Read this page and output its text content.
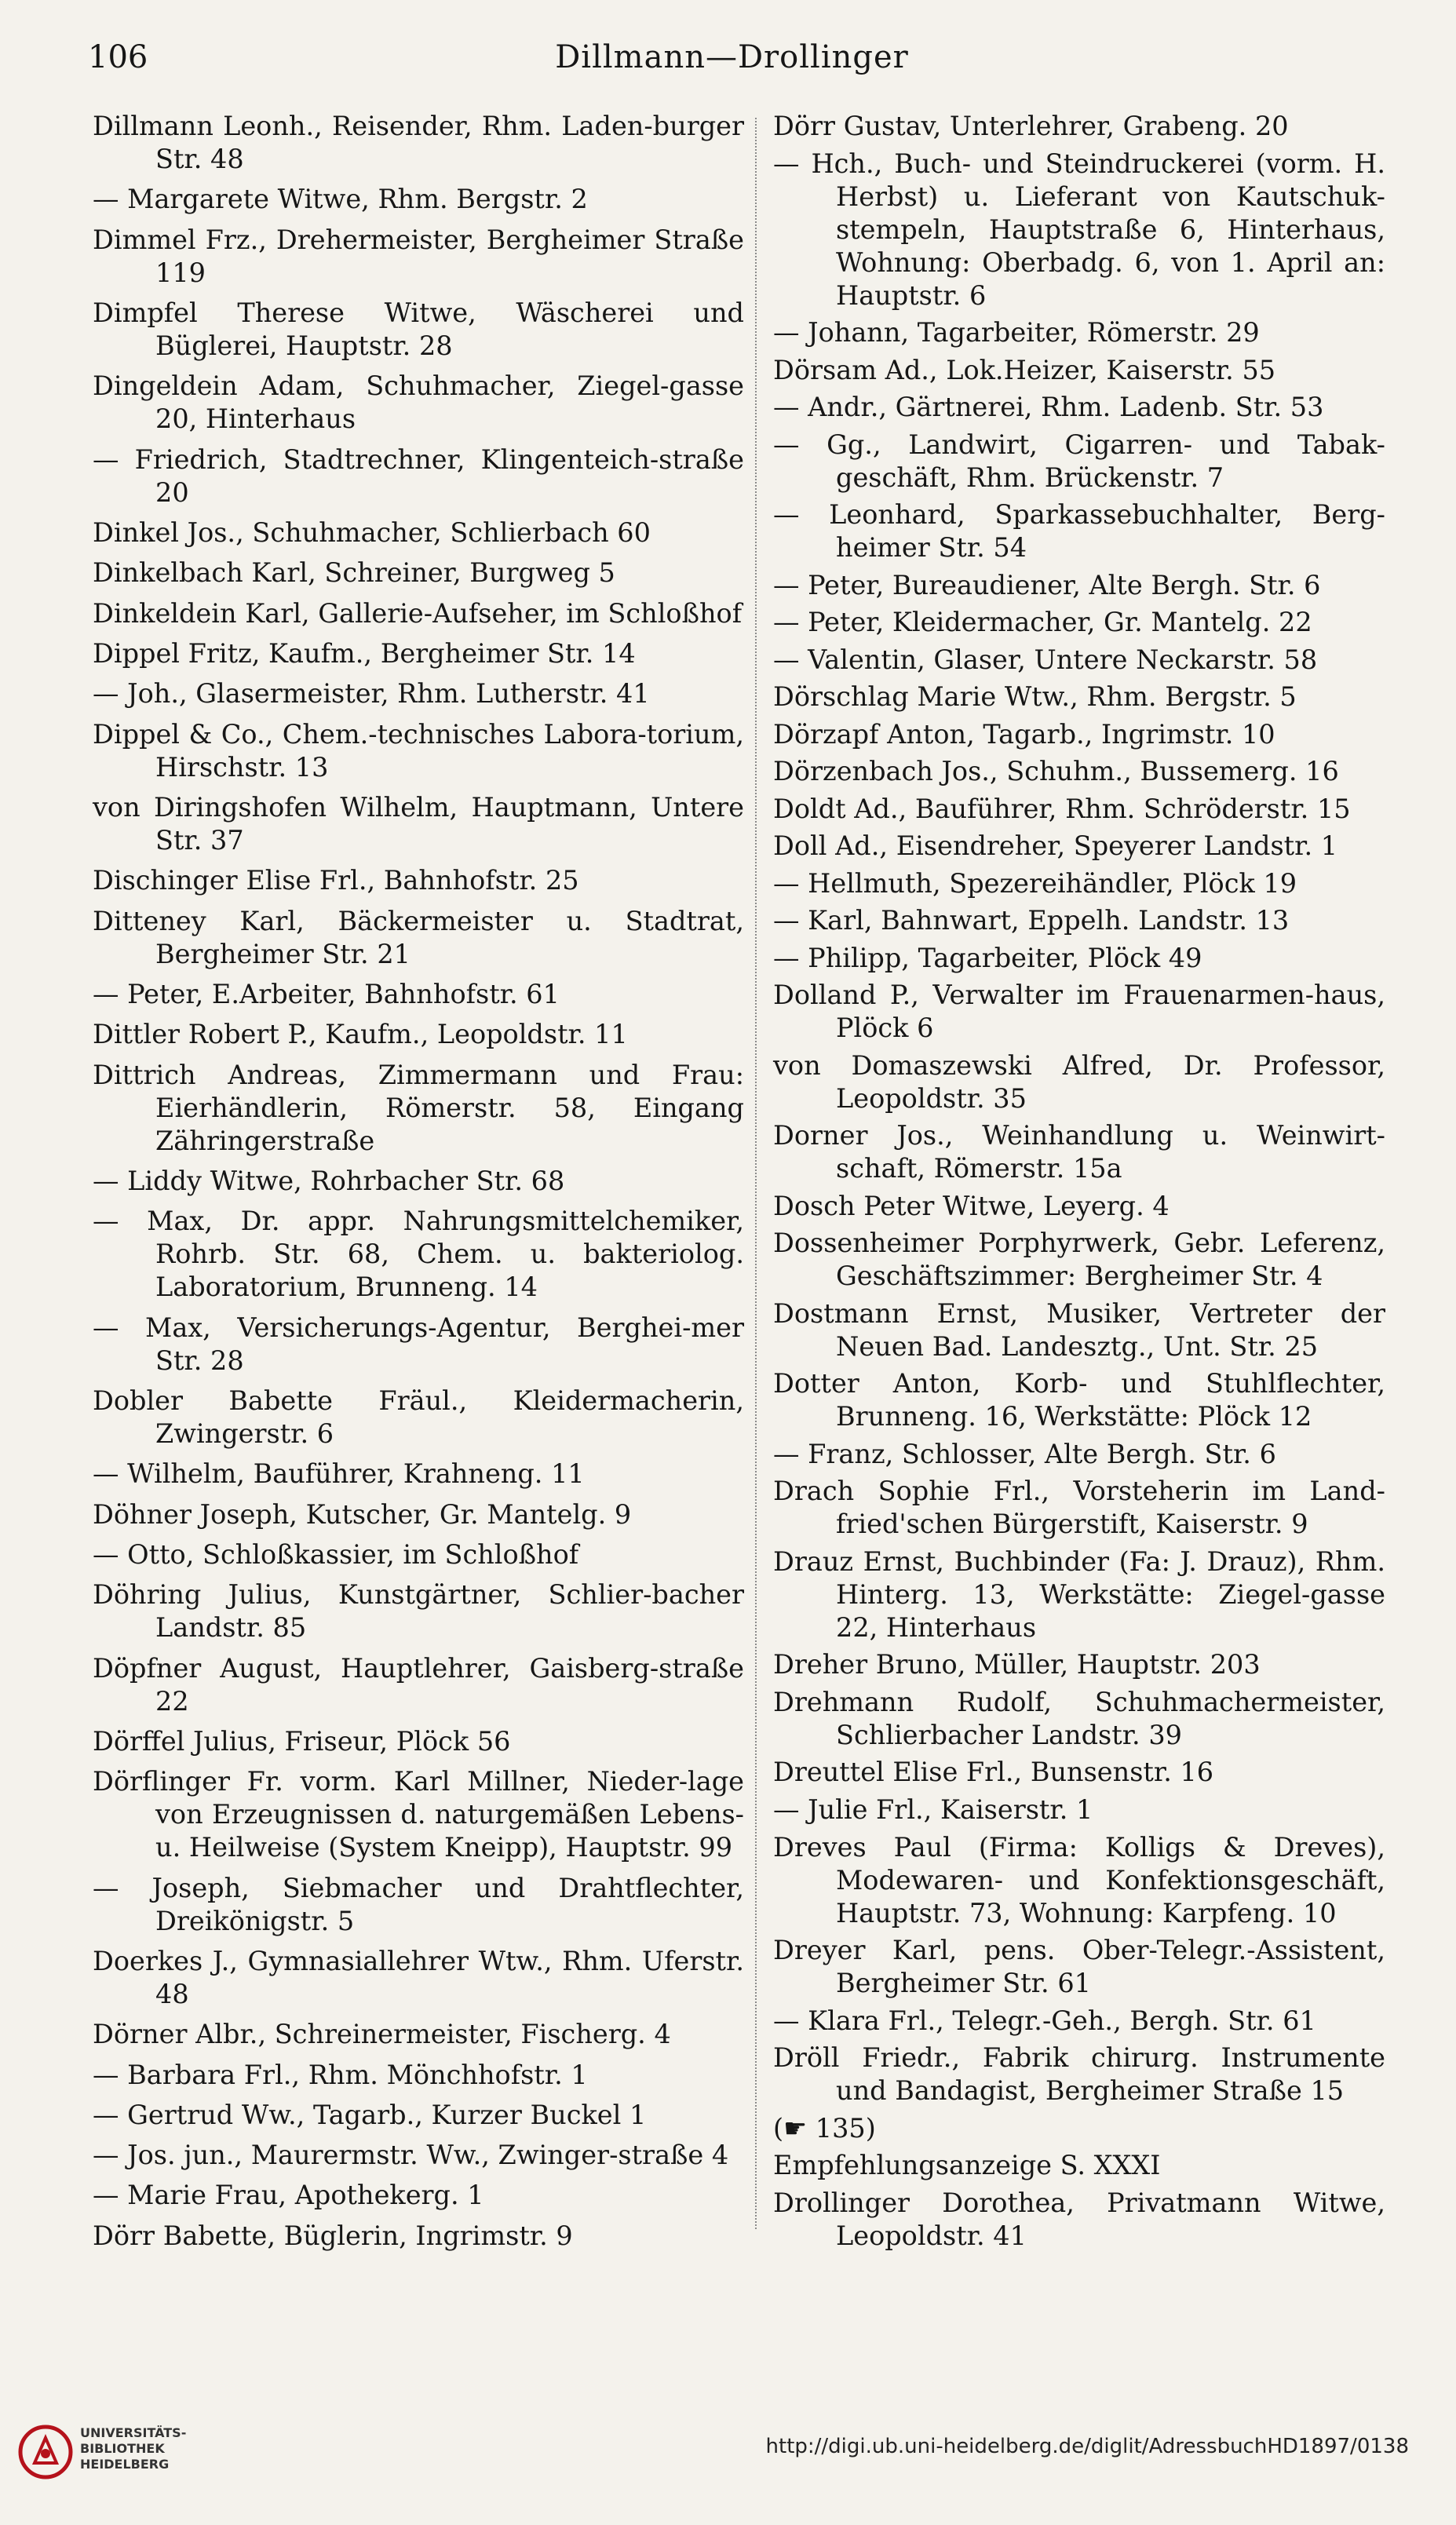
106	Dillmann—Drollinger
Dillmann Leonh., Reisender, Rhm. Laden-burger Str. 48
— Margarete Witwe, Rhm. Bergstr. 2
Dimmel Frz., Drehermeister, Bergheimer Straße 119
Dimpfel Therese Witwe, Wäscherei und Büglerei, Hauptstr. 28
Dingeldein Adam, Schuhmacher, Ziegel-gasse 20, Hinterhaus
— Friedrich, Stadtrechner, Klingenteich-straße 20
Dinkel Jos., Schuhmacher, Schlierbach 60
Dinkelbach Karl, Schreiner, Burgweg 5
Dinkeldein Karl, Gallerie-Aufseher, im Schloßhof
Dippel Fritz, Kaufm., Bergheimer Str. 14
— Joh., Glasermeister, Rhm. Lutherstr. 41
Dippel & Co., Chem.-technisches Labora-torium, Hirschstr. 13
von Diringshofen Wilhelm, Hauptmann, Untere Str. 37
Dischinger Elise Frl., Bahnhofstr. 25
Ditteney Karl, Bäckermeister u. Stadtrat, Bergheimer Str. 21
— Peter, E.Arbeiter, Bahnhofstr. 61
Dittler Robert P., Kaufm., Leopoldstr. 11
Dittrich Andreas, Zimmermann und Frau: Eierhändlerin, Römerstr. 58, Eingang Zähringerstraße
— Liddy Witwe, Rohrbacher Str. 68
— Max, Dr. appr. Nahrungsmittelchemiker, Rohrb. Str. 68, Chem. u. bakteriolog. Laboratorium, Brunneng. 14
— Max, Versicherungs-Agentur, Berghei-mer Str. 28
Dobler Babette Fräul., Kleidermacherin, Zwingerstr. 6
— Wilhelm, Bauführer, Krahneng. 11
Döhner Joseph, Kutscher, Gr. Mantelg. 9
— Otto, Schloßkassier, im Schloßhof
Döhring Julius, Kunstgärtner, Schlier-bacher Landstr. 85
Döpfner August, Hauptlehrer, Gaisberg-straße 22
Dörffel Julius, Friseur, Plöck 56
Dörflinger Fr. vorm. Karl Millner, Nieder-lage von Erzeugnissen d. naturgemäßen Lebens- u. Heilweise (System Kneipp), Hauptstr. 99
— Joseph, Siebmacher und Drahtflechter, Dreikönigstr. 5
Doerkes J., Gymnasiallehrer Wtw., Rhm. Uferstr. 48
Dörner Albr., Schreinermeister, Fischerg. 4
— Barbara Frl., Rhm. Mönchhofstr. 1
— Gertrud Ww., Tagarb., Kurzer Buckel 1
— Jos. jun., Maurermstr. Ww., Zwinger-straße 4
— Marie Frau, Apothekerg. 1
Dörr Babette, Büglerin, Ingrimstr. 9
Dörr Gustav, Unterlehrer, Grabeng. 20
— Hch., Buch- und Steindruckerei (vorm. H. Herbst) u. Lieferant von Kautschuk-stempeln, Hauptstraße 6, Hinterhaus, Wohnung: Oberbadg. 6, von 1. April an: Hauptstr. 6
— Johann, Tagarbeiter, Römerstr. 29
Dörsam Ad., Lok.Heizer, Kaiserstr. 55
— Andr., Gärtnerei, Rhm. Ladenb. Str. 53
— Gg., Landwirt, Cigarren- und Tabak-geschäft, Rhm. Brückenstr. 7
— Leonhard, Sparkassebuchhalter, Berg-heimer Str. 54
— Peter, Bureaudiener, Alte Bergh. Str. 6
— Peter, Kleidermacher, Gr. Mantelg. 22
— Valentin, Glaser, Untere Neckarstr. 58
Dörschlag Marie Wtw., Rhm. Bergstr. 5
Dörzapf Anton, Tagarb., Ingrimstr. 10
Dörzenbach Jos., Schuhm., Bussemerg. 16
Doldt Ad., Bauführer, Rhm. Schröderstr. 15
Doll Ad., Eisendreher, Speyerer Landstr. 1
— Hellmuth, Spezereihändler, Plöck 19
— Karl, Bahnwart, Eppelh. Landstr. 13
— Philipp, Tagarbeiter, Plöck 49
Dolland P., Verwalter im Frauenarmen-haus, Plöck 6
von Domaszewski Alfred, Dr. Professor, Leopoldstr. 35
Dorner Jos., Weinhandlung u. Weinwirt-schaft, Römerstr. 15a
Dosch Peter Witwe, Leyerg. 4
Dossenheimer Porphyrwerk, Gebr. Leferenz, Geschäftszimmer: Bergheimer Str. 4
Dostmann Ernst, Musiker, Vertreter der Neuen Bad. Landesztg., Unt. Str. 25
Dotter Anton, Korb- und Stuhlflechter, Brunneng. 16, Werkstätte: Plöck 12
— Franz, Schlosser, Alte Bergh. Str. 6
Drach Sophie Frl., Vorsteherin im Land-fried'schen Bürgerstift, Kaiserstr. 9
Drauz Ernst, Buchbinder (Fa: J. Drauz), Rhm. Hinterg. 13, Werkstätte: Ziegel-gasse 22, Hinterhaus
Dreher Bruno, Müller, Hauptstr. 203
Drehmann Rudolf, Schuhmachermeister, Schlierbacher Landstr. 39
Dreuttel Elise Frl., Bunsenstr. 16
— Julie Frl., Kaiserstr. 1
Dreves Paul (Firma: Kolligs & Dreves), Modewaren- und Konfektionsgeschäft, Hauptstr. 73, Wohnung: Karpfeng. 10
Dreyer Karl, pens. Ober-Telegr.-Assistent, Bergheimer Str. 61
— Klara Frl., Telegr.-Geh., Bergh. Str. 61
Dröll Friedr., Fabrik chirurg. Instrumente und Bandagist, Bergheimer Straße 15
(☛ 135)
Empfehlungsanzeige S. XXXI
Drollinger Dorothea, Privatmann Witwe, Leopoldstr. 41
UNIVERSITÄTS-
BIBLIOTHEK
HEIDELBERG
http://digi.ub.uni-heidelberg.de/diglit/AdressbuchHD1897/0138
